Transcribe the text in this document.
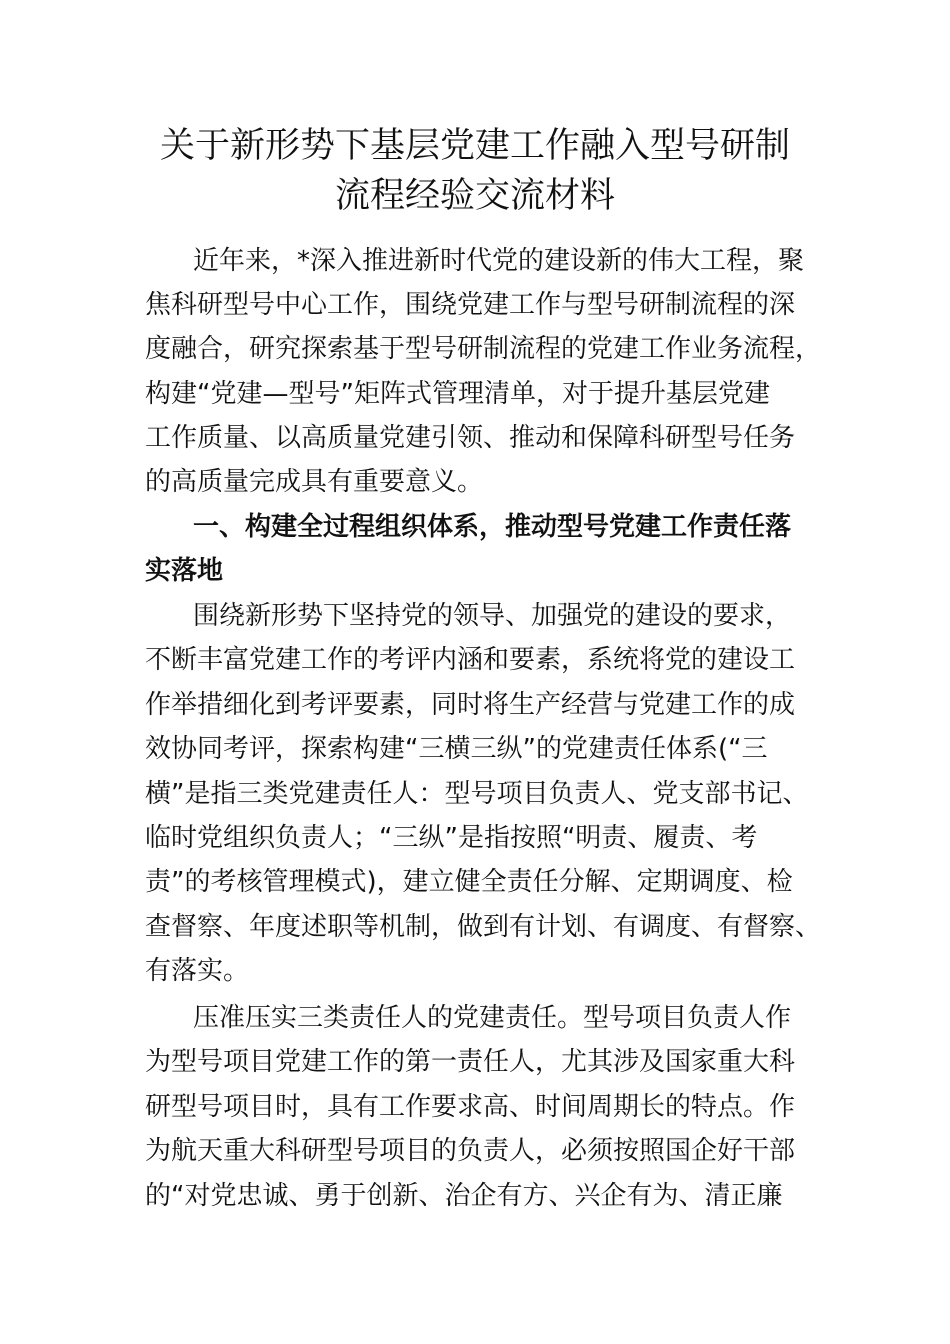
关于新形势下基层党建工作融入型号研制
流程经验交流材料

近年来，*深入推进新时代党的建设新的伟大工程，聚

焦科研型号中心工作，围绕党建工作与型号研制流程的深

度融合，研究探索基于型号研制流程的党建工作业务流程，

构建“党建—型号”矩阵式管理清单，对于提升基层党建

工作质量、以高质量党建引领、推动和保障科研型号任务

的高质量完成具有重要意义。

一、构建全过程组织体系，推动型号党建工作责任落

实落地

围绕新形势下坚持党的领导、加强党的建设的要求，

不断丰富党建工作的考评内涵和要素，系统将党的建设工

作举措细化到考评要素，同时将生产经营与党建工作的成

效协同考评，探索构建“三横三纵”的党建责任体系(“三

横”是指三类党建责任人：型号项目负责人、党支部书记、

临时党组织负责人；“三纵”是指按照“明责、履责、考

责”的考核管理模式)，建立健全责任分解、定期调度、检

查督察、年度述职等机制，做到有计划、有调度、有督察、

有落实。

压准压实三类责任人的党建责任。型号项目负责人作

为型号项目党建工作的第一责任人，尤其涉及国家重大科

研型号项目时，具有工作要求高、时间周期长的特点。作

为航天重大科研型号项目的负责人，必须按照国企好干部

的“对党忠诚、勇于创新、治企有方、兴企有为、清正廉
